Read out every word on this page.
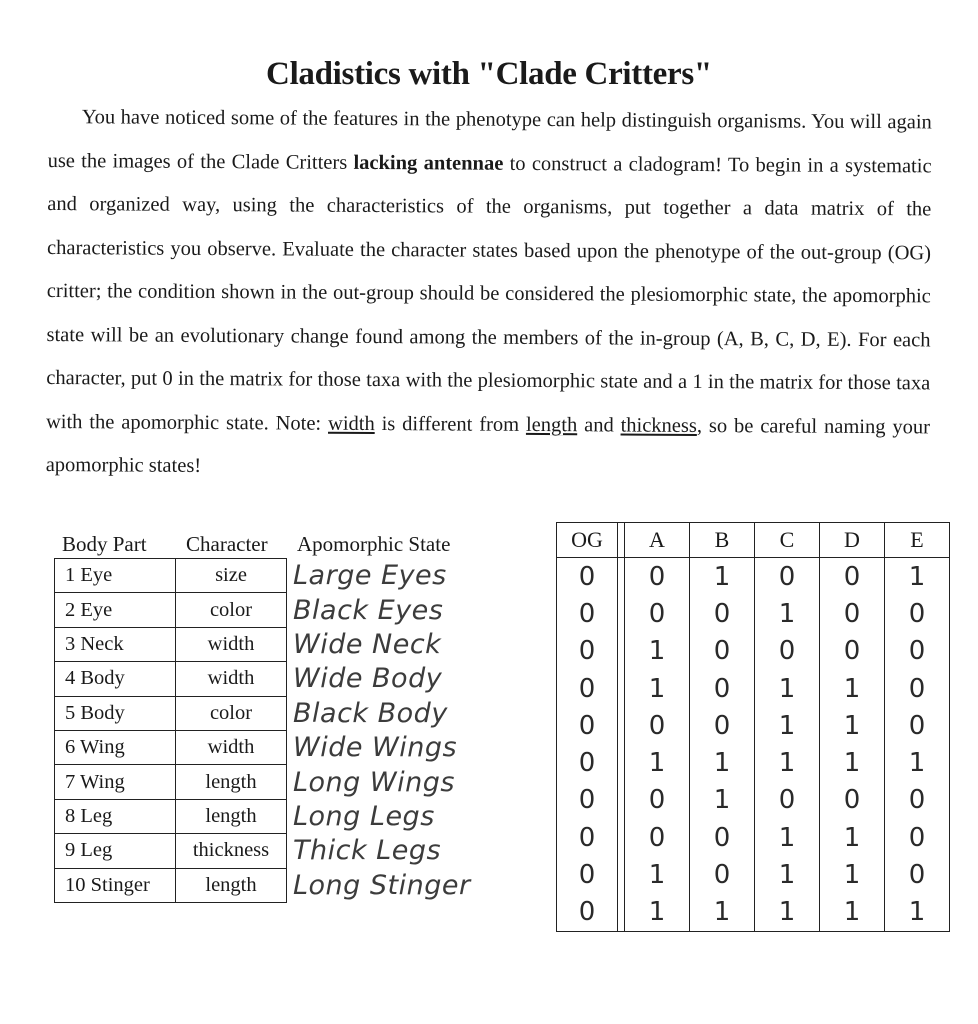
Cladistics with "Clade Critters"
You have noticed some of the features in the phenotype can help distinguish organisms. You will again use the images of the Clade Critters lacking antennae to construct a cladogram! To begin in a systematic and organized way, using the characteristics of the organisms, put together a data matrix of the characteristics you observe. Evaluate the character states based upon the phenotype of the out-group (OG) critter; the condition shown in the out-group should be considered the plesiomorphic state, the apomorphic state will be an evolutionary change found among the members of the in-group (A, B, C, D, E). For each character, put 0 in the matrix for those taxa with the plesiomorphic state and a 1 in the matrix for those taxa with the apomorphic state. Note: width is different from length and thickness, so be careful naming your apomorphic states!
Body Part Character Apomorphic State
1 Eye	size	Large Eyes
2 Eye	color	Black Eyes
3 Neck	width	Wide Neck
4 Body	width	Wide Body
5 Body	color	Black Body
6 Wing	width	Wide Wings
7 Wing	length	Long Wings
8 Leg	length	Long Legs
9 Leg	thickness	Thick Legs
10 Stinger	length	Long Stinger
OG		A	B	C	D	E
0		0	1	0	0	1
0		0	0	1	0	0
0		1	0	0	0	0
0		1	0	1	1	0
0		0	0	1	1	0
0		1	1	1	1	1
0		0	1	0	0	0
0		0	0	1	1	0
0		1	0	1	1	0
0		1	1	1	1	1
